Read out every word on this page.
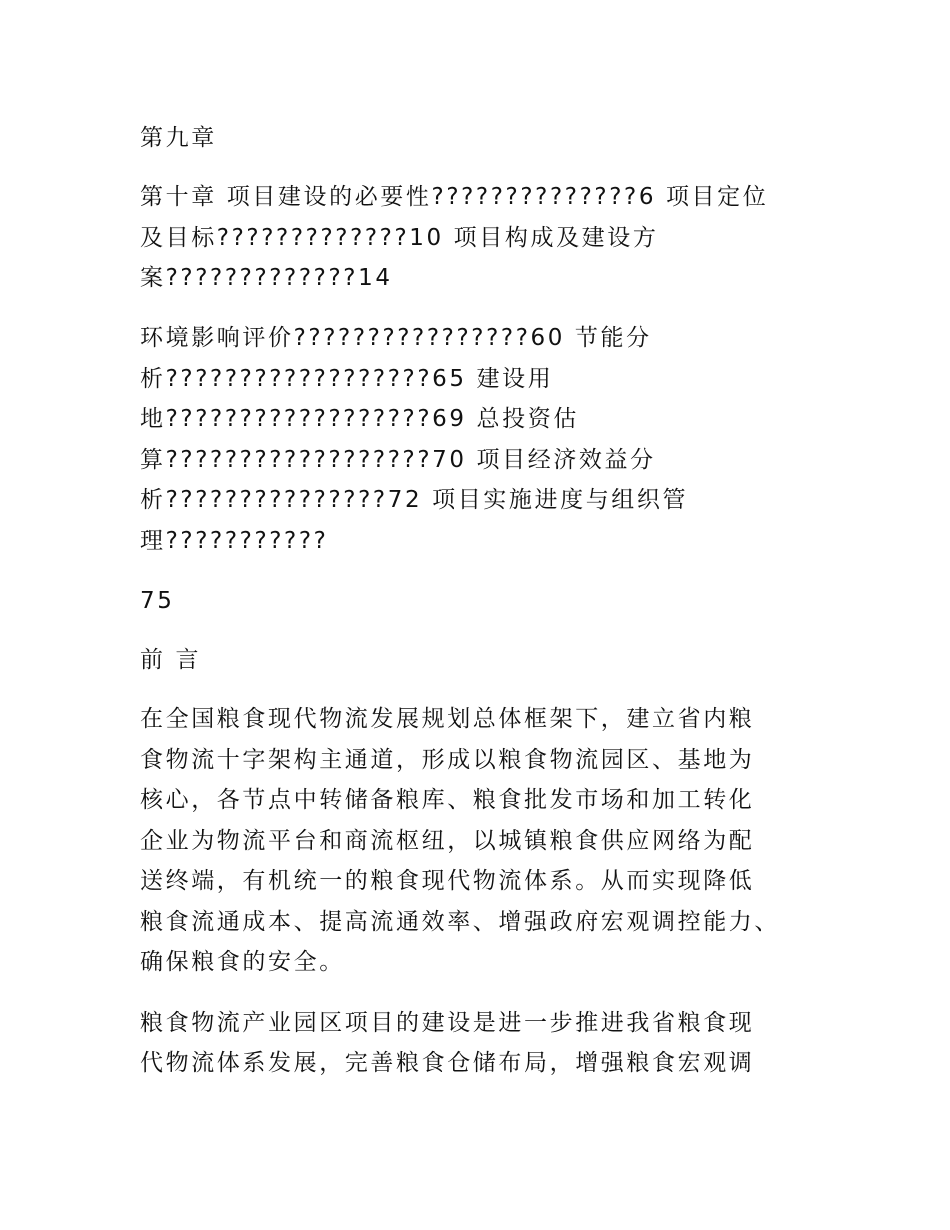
第九章
第十章 项目建设的必要性??????????????6 项目定位
及目标?????????????10 项目构成及建设方
案?????????????14
环境影响评价????????????????60 节能分
析??????????????????65 建设用
地??????????????????69 总投资估
算??????????????????70 项目经济效益分
析???????????????72 项目实施进度与组织管
理???????????
75
前 言
在全国粮食现代物流发展规划总体框架下，建立省内粮
食物流十字架构主通道，形成以粮食物流园区、基地为
核心，各节点中转储备粮库、粮食批发市场和加工转化
企业为物流平台和商流枢纽，以城镇粮食供应网络为配
送终端，有机统一的粮食现代物流体系。从而实现降低
粮食流通成本、提高流通效率、增强政府宏观调控能力、
确保粮食的安全。
粮食物流产业园区项目的建设是进一步推进我省粮食现
代物流体系发展，完善粮食仓储布局，增强粮食宏观调
